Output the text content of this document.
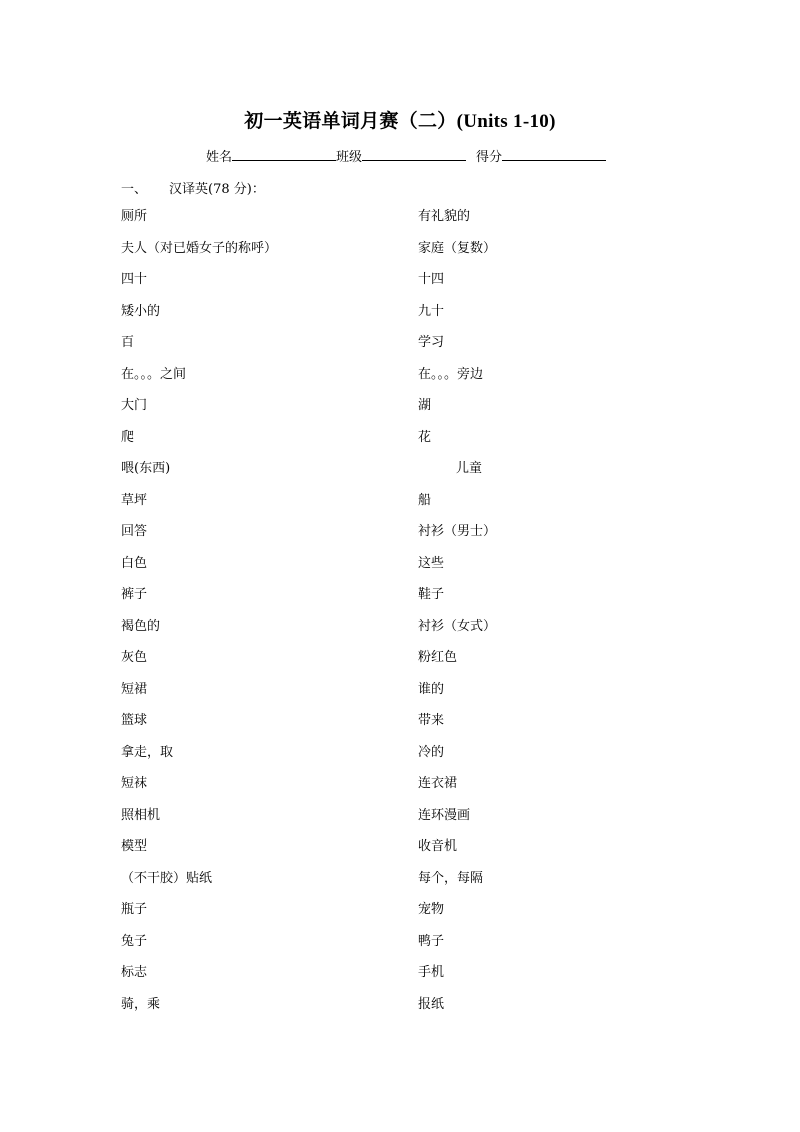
初一英语单词月赛（二）(Units 1-10)
姓名	班级	得分
一、 汉译英(78 分)：
厕所	有礼貌的
夫人（对已婚女子的称呼）	家庭（复数）
四十	十四
矮小的	九十
百	学习
在。。。之间	在。。。旁边
大门	湖
爬	花
喂(东西)	儿童
草坪	船
回答	衬衫（男士）
白色	这些
裤子	鞋子
褐色的	衬衫（女式）
灰色	粉红色
短裙	谁的
篮球	带来
拿走，取	冷的
短袜	连衣裙
照相机	连环漫画
模型	收音机
（不干胶）贴纸	每个，每隔
瓶子	宠物
兔子	鸭子
标志	手机
骑，乘	报纸
